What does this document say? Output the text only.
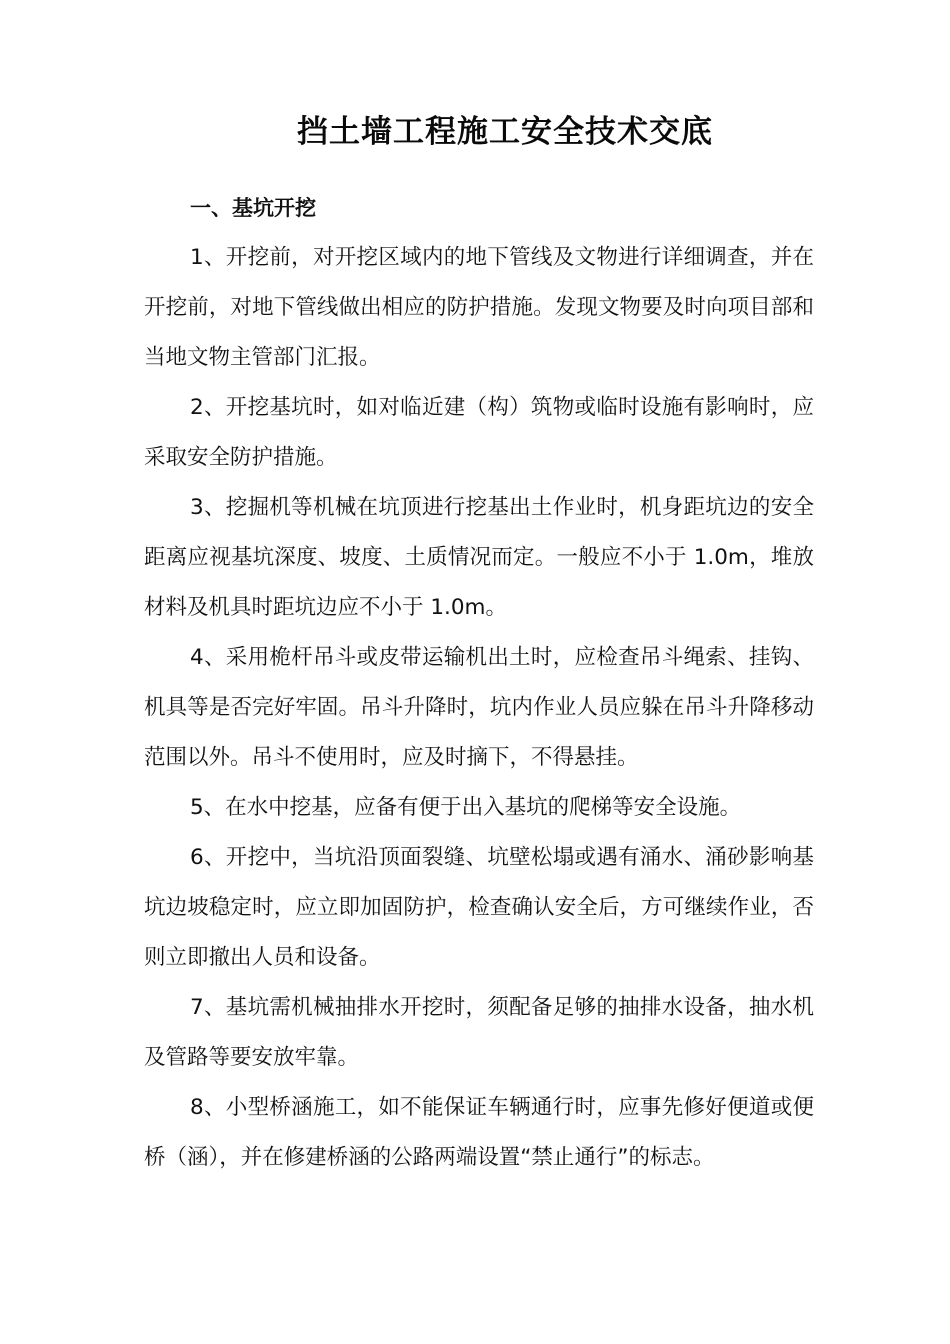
挡土墙工程施工安全技术交底

一、基坑开挖

1、开挖前，对开挖区域内的地下管线及文物进行详细调查，并在开挖前，对地下管线做出相应的防护措施。发现文物要及时向项目部和当地文物主管部门汇报。

2、开挖基坑时，如对临近建（构）筑物或临时设施有影响时，应采取安全防护措施。

3、挖掘机等机械在坑顶进行挖基出土作业时，机身距坑边的安全距离应视基坑深度、坡度、土质情况而定。一般应不小于 1.0m，堆放材料及机具时距坑边应不小于 1.0m。

4、采用桅杆吊斗或皮带运输机出土时，应检查吊斗绳索、挂钩、机具等是否完好牢固。吊斗升降时，坑内作业人员应躲在吊斗升降移动范围以外。吊斗不使用时，应及时摘下，不得悬挂。

5、在水中挖基，应备有便于出入基坑的爬梯等安全设施。

6、开挖中，当坑沿顶面裂缝、坑壁松塌或遇有涌水、涌砂影响基坑边坡稳定时，应立即加固防护，检查确认安全后，方可继续作业，否则立即撤出人员和设备。

7、基坑需机械抽排水开挖时，须配备足够的抽排水设备，抽水机及管路等要安放牢靠。

8、小型桥涵施工，如不能保证车辆通行时，应事先修好便道或便桥（涵），并在修建桥涵的公路两端设置“禁止通行”的标志。
